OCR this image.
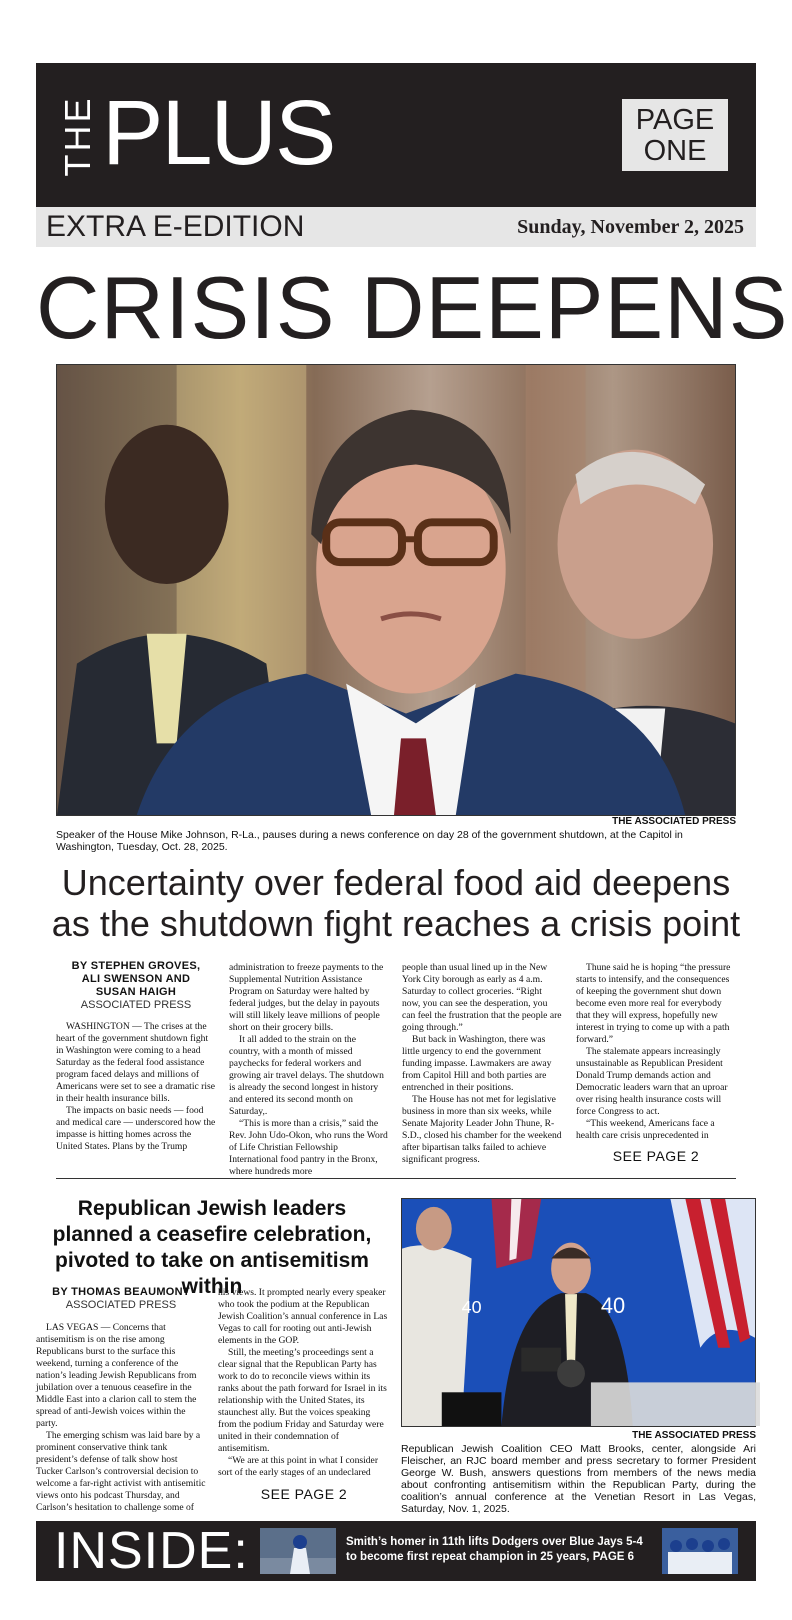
THE PLUS	PAGE
ONE
EXTRA E-EDITION	Sunday, November 2, 2025
CRISIS DEEPENS
THE ASSOCIATED PRESS
Speaker of the House Mike Johnson, R-La., pauses during a news conference on day 28 of the government shutdown, at the Capitol in Washington, Tuesday, Oct. 28, 2025.
Uncertainty over federal food aid deepens
as the shutdown fight reaches a crisis point
BY STEPHEN GROVES,
ALI SWENSON AND
SUSAN HAIGH
ASSOCIATED PRESS

WASHINGTON — The crises at the heart of the government shutdown fight in Washington were coming to a head Saturday as the federal food assistance program faced delays and millions of Americans were set to see a dramatic rise in their health insurance bills.

The impacts on basic needs — food and medical care — underscored how the impasse is hitting homes across the United States. Plans by the Trump

administration to freeze payments to the Supplemental Nutrition Assistance Program on Saturday were halted by federal judges, but the delay in payouts will still likely leave millions of people short on their grocery bills.

It all added to the strain on the country, with a month of missed paychecks for federal workers and growing air travel delays. The shutdown is already the second longest in history and entered its second month on Saturday,.

“This is more than a crisis,” said the Rev. John Udo-Okon, who runs the Word of Life Christian Fellowship International food pantry in the Bronx, where hundreds more

people than usual lined up in the New York City borough as early as 4 a.m. Saturday to collect groceries. “Right now, you can see the desperation, you can feel the frustration that the people are going through.”

But back in Washington, there was little urgency to end the government funding impasse. Lawmakers are away from Capitol Hill and both parties are entrenched in their positions.

The House has not met for legislative business in more than six weeks, while Senate Majority Leader John Thune, R-S.D., closed his chamber for the weekend after bipartisan talks failed to achieve significant progress.

Thune said he is hoping “the pressure starts to intensify, and the consequences of keeping the government shut down become even more real for everybody that they will express, hopefully new interest in trying to come up with a path forward.”

The stalemate appears increasingly unsustainable as Republican President Donald Trump demands action and Democratic leaders warn that an uproar over rising health insurance costs will force Congress to act.

“This weekend, Americans face a health care crisis unprecedented in

SEE PAGE 2
Republican Jewish leaders planned a ceasefire celebration, pivoted to take on antisemitism within
BY THOMAS BEAUMONT
ASSOCIATED PRESS

LAS VEGAS — Concerns that antisemitism is on the rise among Republicans burst to the surface this weekend, turning a conference of the nation’s leading Jewish Republicans from jubilation over a tenuous ceasefire in the Middle East into a clarion call to stem the spread of anti-Jewish voices within the party.

The emerging schism was laid bare by a prominent conservative think tank president’s defense of talk show host Tucker Carlson’s controversial decision to welcome a far-right activist with antisemitic views onto his podcast Thursday, and Carlson’s hesitation to challenge some of

his views. It prompted nearly every speaker who took the podium at the Republican Jewish Coalition’s annual conference in Las Vegas to call for rooting out anti-Jewish elements in the GOP.

Still, the meeting’s proceedings sent a clear signal that the Republican Party has work to do to reconcile views within its ranks about the path forward for Israel in its relationship with the United States, its staunchest ally. But the voices speaking from the podium Friday and Saturday were united in their condemnation of antisemitism.

“We are at this point in what I consider sort of the early stages of an undeclared

SEE PAGE 2
40
40
THE ASSOCIATED PRESS
Republican Jewish Coalition CEO Matt Brooks, center, alongside Ari Fleischer, an RJC board member and press secretary to former President George W. Bush, answers questions from members of the news media about confronting antisemitism within the Republican Party, during the coalition’s annual conference at the Venetian Resort in Las Vegas, Saturday, Nov. 1, 2025.
INSIDE:	Smith’s homer in 11th lifts Dodgers over Blue Jays 5-4 to become first repeat champion in 25 years, PAGE 6
